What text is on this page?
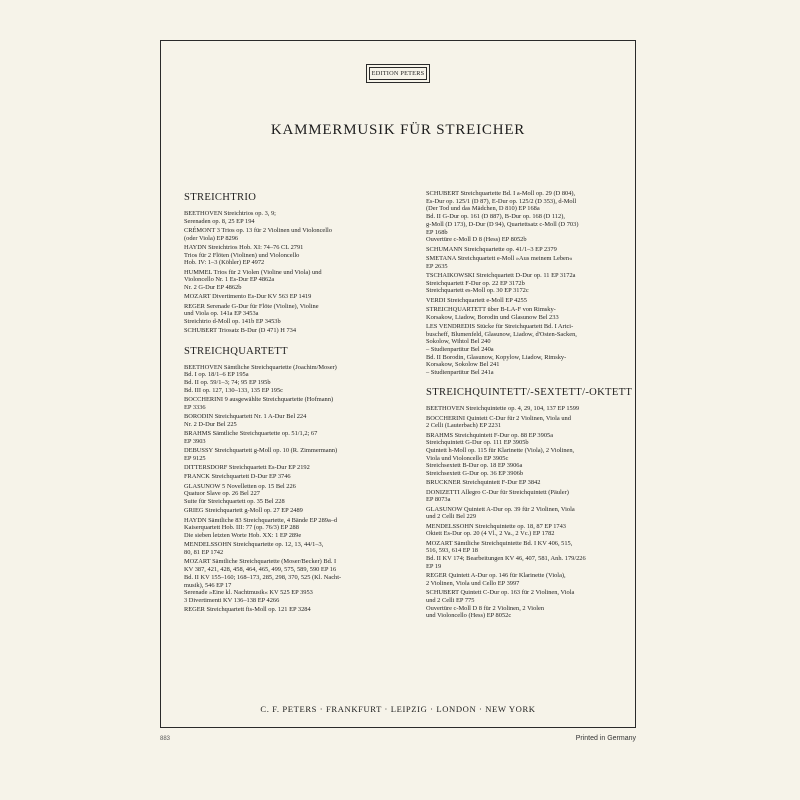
EDITION PETERS
KAMMERMUSIK FÜR STREICHER
STREICHTRIO
BEETHOVEN Streichtrios op. 3, 9;
Serenaden op. 8, 25 EP 194
CRÉMONT 3 Trios op. 13 für 2 Violinen und Violoncello
(oder Viola) EP 8296
HAYDN Streichtrios Hob. XI: 74–76 CL 2791
Trios für 2 Flöten (Violinen) und Violoncello
Hob. IV: 1–3 (Köhler) EP 4972
HUMMEL Trios für 2 Violen (Violine und Viola) und
Violoncello Nr. 1 Es-Dur EP 4862a
Nr. 2 G-Dur EP 4862b
MOZART Divertimento Es-Dur KV 563 EP 1419
REGER Serenade G-Dur für Flöte (Violine), Violine
und Viola op. 141a EP 3453a
Streichtrio d-Moll op. 141b EP 3453b
SCHUBERT Triosatz B-Dur (D 471) H 734
STREICHQUARTETT
BEETHOVEN Sämtliche Streichquartette (Joachim/Moser)
Bd. I op. 18/1–6 EP 195a
Bd. II op. 59/1–3; 74; 95 EP 195b
Bd. III op. 127, 130–133, 135 EP 195c
BOCCHERINI 9 ausgewählte Streichquartette (Hofmann)
EP 3336
BORODIN Streichquartett Nr. 1 A-Dur Bel 224
Nr. 2 D-Dur Bel 225
BRAHMS Sämtliche Streichquartette op. 51/1,2; 67
EP 3903
DEBUSSY Streichquartett g-Moll op. 10 (R. Zimmermann)
EP 9125
DITTERSDORF Streichquartett Es-Dur EP 2192
FRANCK Streichquartett D-Dur EP 3746
GLASUNOW 5 Novelletten op. 15 Bel 226
Quatuor Slave op. 26 Bel 227
Suite für Streichquartett op. 35 Bel 228
GRIEG Streichquartett g-Moll op. 27 EP 2489
HAYDN Sämtliche 83 Streichquartette, 4 Bände EP 289a–d
Kaiserquartett Hob. III: 77 (op. 76/3) EP 288
Die sieben letzten Worte Hob. XX: 1 EP 289e
MENDELSSOHN Streichquartette op. 12, 13, 44/1–3,
80, 81 EP 1742
MOZART Sämtliche Streichquartette (Moser/Becker) Bd. I
KV 387, 421, 428, 458, 464, 465, 499, 575, 589, 590 EP 16
Bd. II KV 155–160; 168–173, 285, 298, 370, 525 (Kl. Nacht-
musik), 546 EP 17
Serenade »Eine kl. Nachtmusik« KV 525 EP 3953
3 Divertimenti KV 136–138 EP 4266
REGER Streichquartett fis-Moll op. 121 EP 3284
SCHUBERT Streichquartette Bd. I a-Moll op. 29 (D 804),
Es-Dur op. 125/1 (D 87), E-Dur op. 125/2 (D 353), d-Moll
(Der Tod und das Mädchen, D 810) EP 168a
Bd. II G-Dur op. 161 (D 887), B-Dur op. 168 (D 112),
g-Moll (D 173), D-Dur (D 94), Quartettsatz c-Moll (D 703)
EP 168b
Ouvertüre c-Moll D 8 (Hess) EP 8052b
SCHUMANN Streichquartette op. 41/1–3 EP 2379
SMETANA Streichquartett e-Moll »Aus meinem Leben«
EP 2635
TSCHAIKOWSKI Streichquartett D-Dur op. 11 EP 3172a
Streichquartett F-Dur op. 22 EP 3172b
Streichquartett es-Moll op. 30 EP 3172c
VERDI Streichquartett e-Moll EP 4255
STREICHQUARTETT über B-LA-F von Rimsky-
Korsakow, Liadow, Borodin und Glasunow Bel 233
LES VENDREDIS Stücke für Streichquartett Bd. I Artci-
buscheff, Blumenfeld, Glasunow, Liadow, d'Osten-Sacken,
Sokolow, Wihtol Bel 240
– Studienpartitur Bel 240a
Bd. II Borodin, Glasunow, Kopylow, Liadow, Rimsky-
Korsakow, Sokolow Bel 241
– Studienpartitur Bel 241a
STREICHQUINTETT/-SEXTETT/-OKTETT
BEETHOVEN Streichquintette op. 4, 29, 104, 137 EP 1599
BOCCHERINI Quintett C-Dur für 2 Violinen, Viola und
2 Celli (Lauterbach) EP 2231
BRAHMS Streichquintett F-Dur op. 88 EP 3905a
Streichquintett G-Dur op. 111 EP 3905b
Quintett h-Moll op. 115 für Klarinette (Viola), 2 Violinen,
Viola und Violoncello EP 3905c
Streichsextett B-Dur op. 18 EP 3906a
Streichsextett G-Dur op. 36 EP 3906b
BRUCKNER Streichquintett F-Dur EP 3842
DONIZETTI Allegro C-Dur für Streichquintett (Päuler)
EP 8073a
GLASUNOW Quintett A-Dur op. 39 für 2 Violinen, Viola
und 2 Celli Bel 229
MENDELSSOHN Streichquintette op. 18, 87 EP 1743
Oktett Es-Dur op. 20 (4 Vl., 2 Va., 2 Vc.) EP 1782
MOZART Sämtliche Streichquintette Bd. I KV 406, 515,
516, 593, 614 EP 18
Bd. II KV 174; Bearbeitungen KV 46, 407, 581, Anh. 179/226
EP 19
REGER Quintett A-Dur op. 146 für Klarinette (Viola),
2 Violinen, Viola und Cello EP 3997
SCHUBERT Quintett C-Dur op. 163 für 2 Violinen, Viola
und 2 Celli EP 775
Ouvertüre c-Moll D 8 für 2 Violinen, 2 Violen
und Violoncello (Hess) EP 8052c
C. F. PETERS · FRANKFURT · LEIPZIG · LONDON · NEW YORK
883	Printed in Germany
